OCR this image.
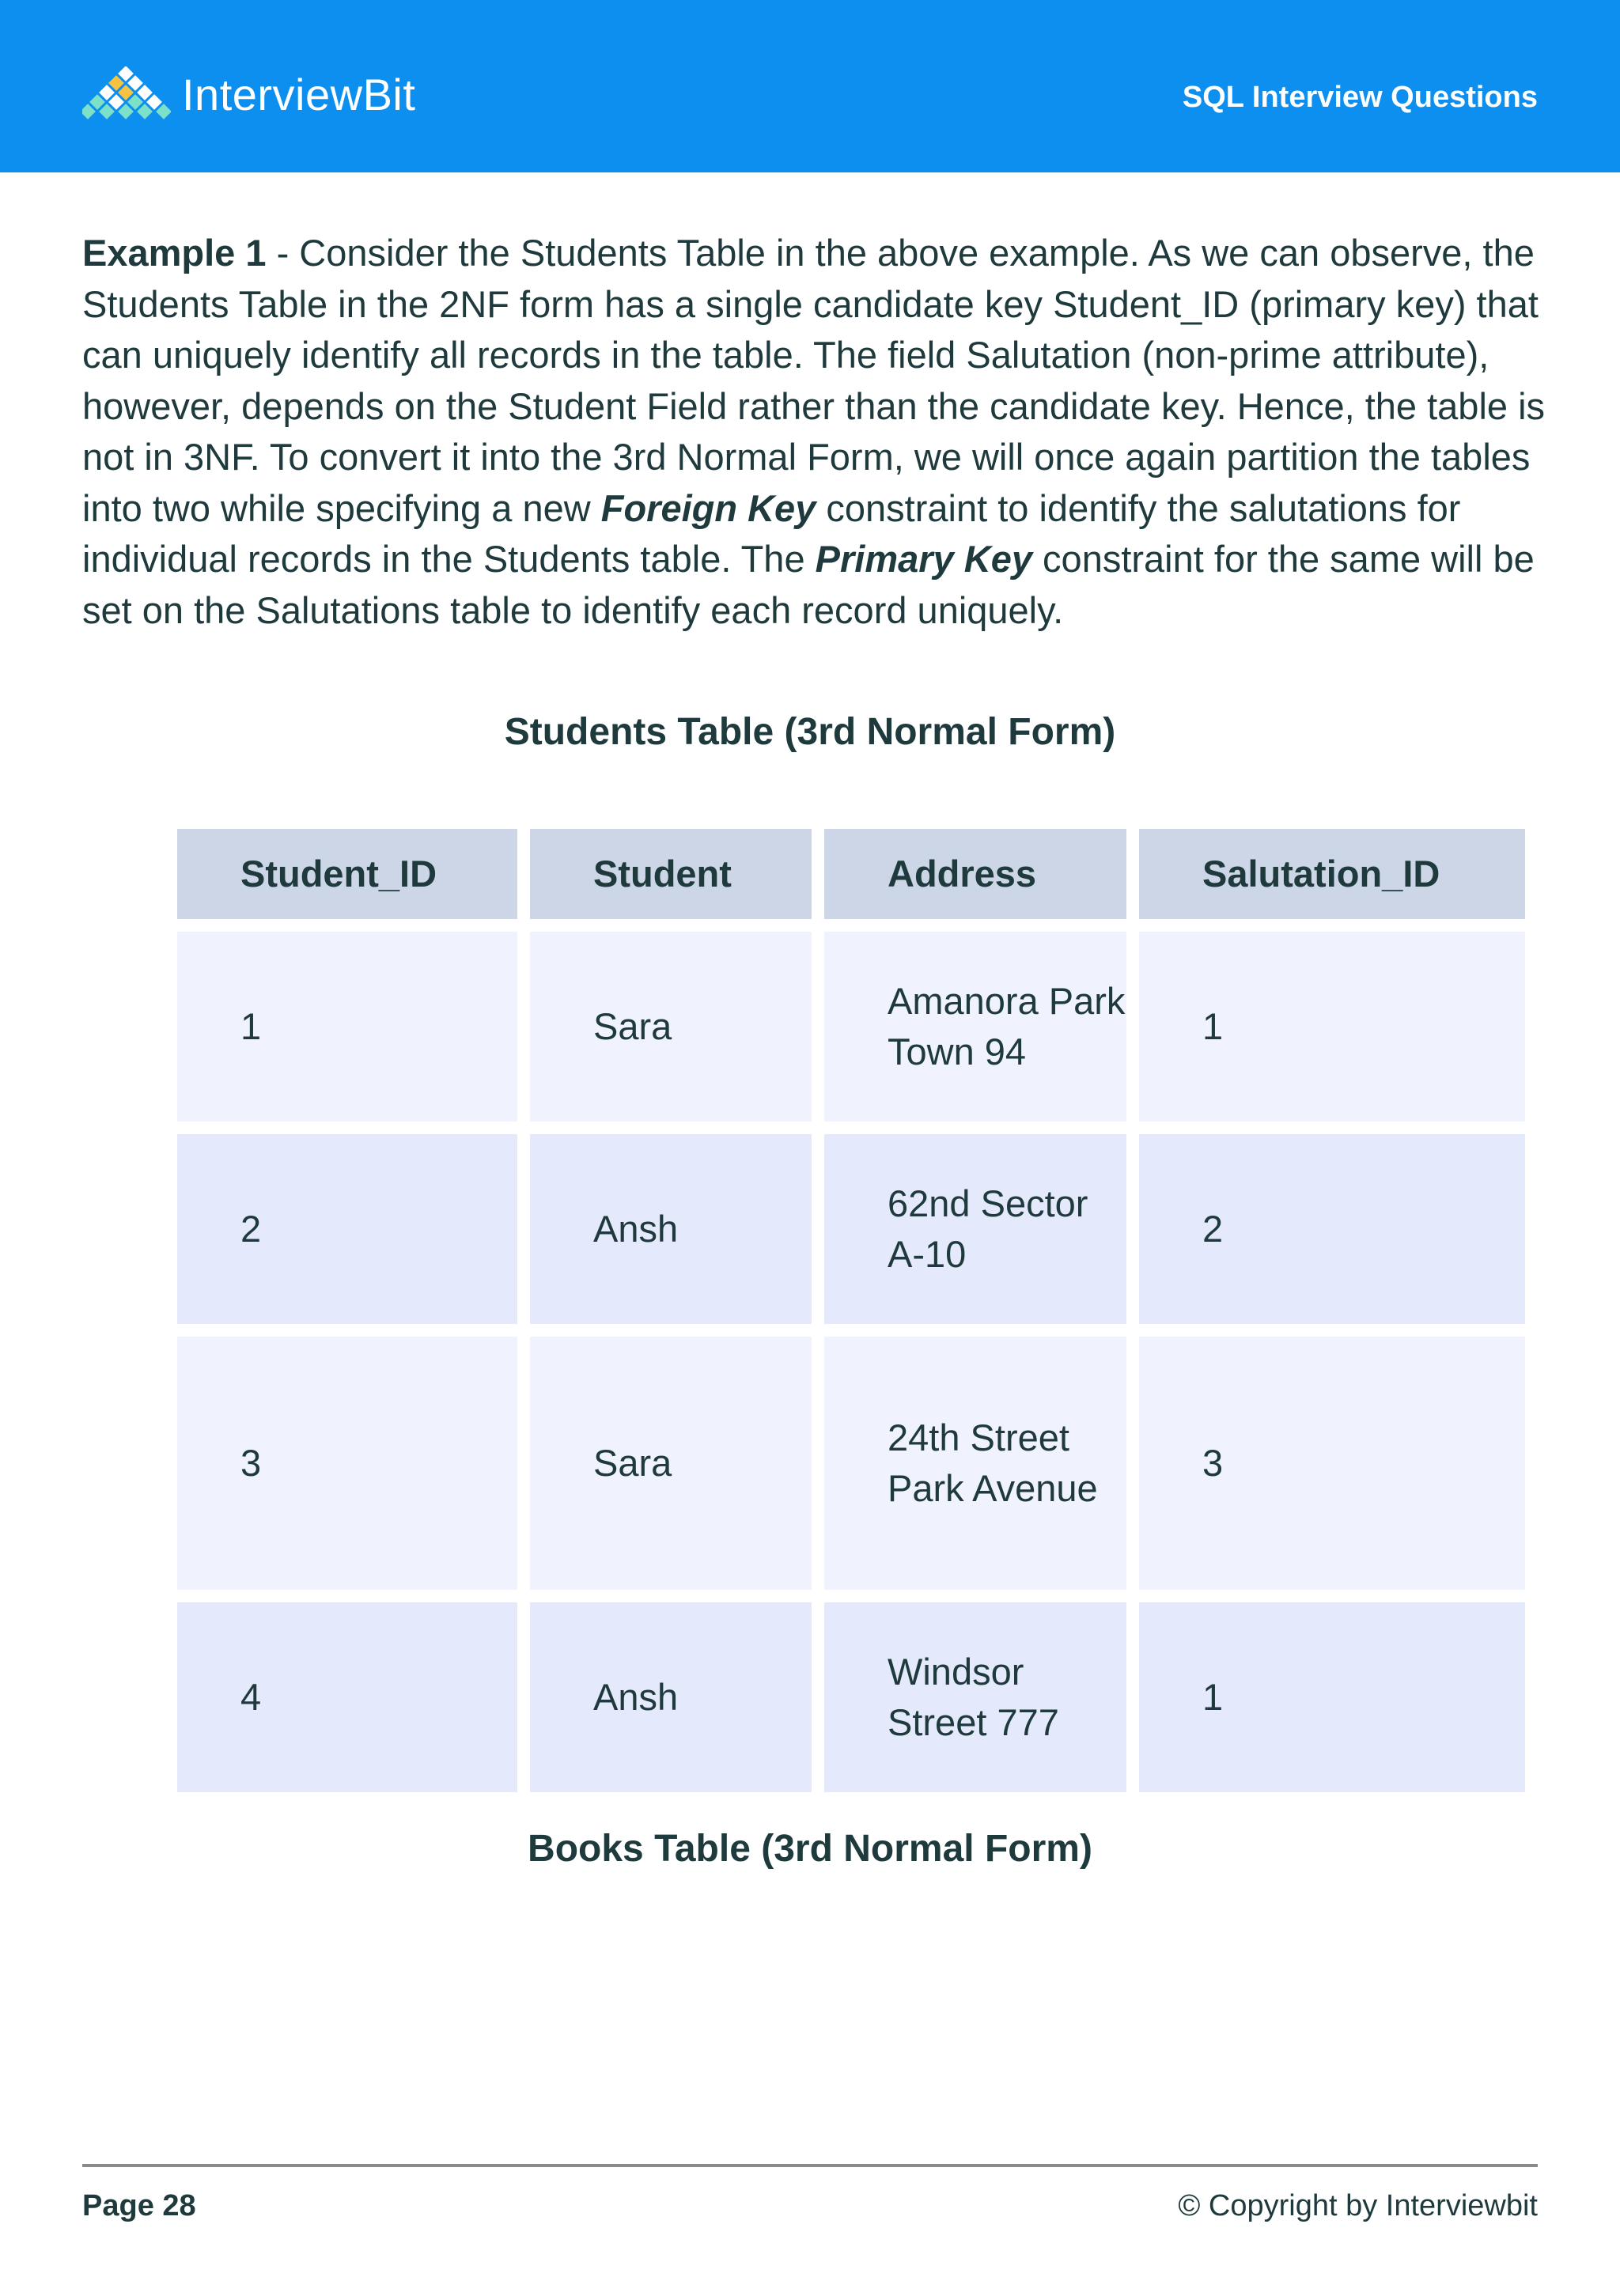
InterviewBit	SQL Interview Questions
Example 1 - Consider the Students Table in the above example. As we can observe, the Students Table in the 2NF form has a single candidate key Student_ID (primary key) that can uniquely identify all records in the table. The field Salutation (non-prime attribute), however, depends on the Student Field rather than the candidate key. Hence, the table is not in 3NF. To convert it into the 3rd Normal Form, we will once again partition the tables into two while specifying a new Foreign Key constraint to identify the salutations for individual records in the Students table. The Primary Key constraint for the same will be set on the Salutations table to identify each record uniquely.
Students Table (3rd Normal Form)
Student_ID	Student	Address	Salutation_ID
1	Sara	Amanora Park Town 94	1
2	Ansh	62nd Sector A-10	2
3	Sara	24th Street Park Avenue	3
4	Ansh	Windsor Street 777	1
Books Table (3rd Normal Form)
Page 28	© Copyright by Interviewbit
